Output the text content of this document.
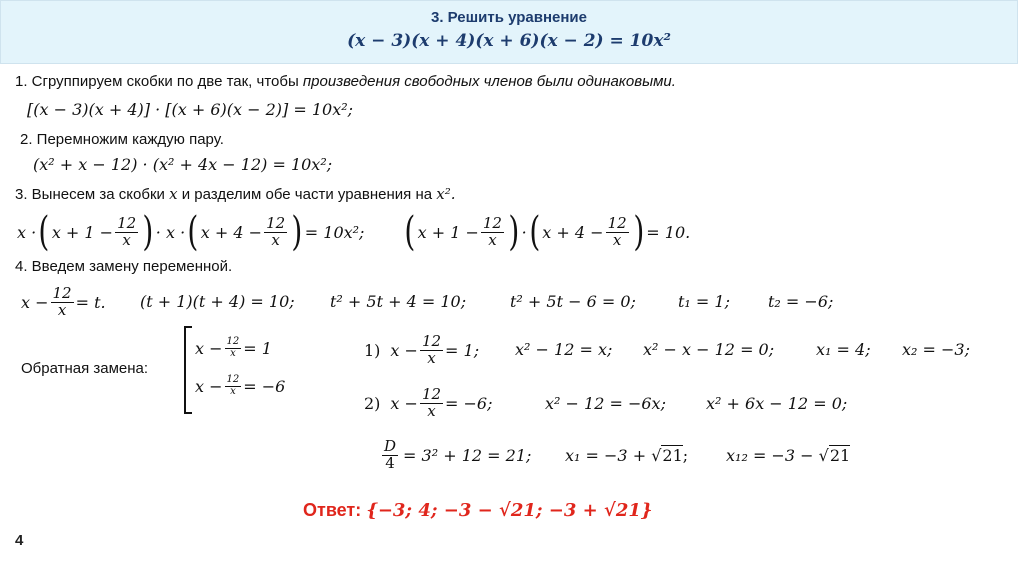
3. Решить уравнение
(x − 3)(x + 4)(x + 6)(x − 2) = 10x²
1. Сгруппируем скобки по две так, чтобы произведения свободных членов были одинаковыми.
[(x − 3)(x + 4)] · [(x + 6)(x − 2)] = 10x²;
2. Перемножим каждую пару.
(x² + x − 12) · (x² + 4x − 12) = 10x²;
3. Вынесем за скобки x и разделим обе части уравнения на x².
x · ( $x + 1 - \frac{12}{x}$ ) · x · ( $x + 4 - \frac{12}{x}$ ) = 10x²; ( $x + 1 - \frac{12}{x}$ ) · ( $x + 4 - \frac{12}{x}$ ) = 10.
4. Введем замену переменной.
$x - \frac{12}{x} = t$. (t + 1)(t + 4) = 10; t² + 5t + 4 = 10;	t² + 5t − 6 = 0;	t₁ = 1; t₂ = −6;
Обратная замена:
$x - \frac{12}{x} = 1$
$x - \frac{12}{x} = -6$
1) $x - \frac{12}{x} = 1$; x² − 12 = x; x² − x − 12 = 0;	x₁ = 4; x₂ = −3;
2) $x - \frac{12}{x} = -6$;	x² − 12 = −6x;	x² + 6x − 12 = 0;
$\frac{D}{4} = 3^2 + 12 = 21$; x₁ = −3 + √21; x₁₂ = −3 − √21
Ответ: {−3; 4; −3 − √21; −3 + √21}
4
